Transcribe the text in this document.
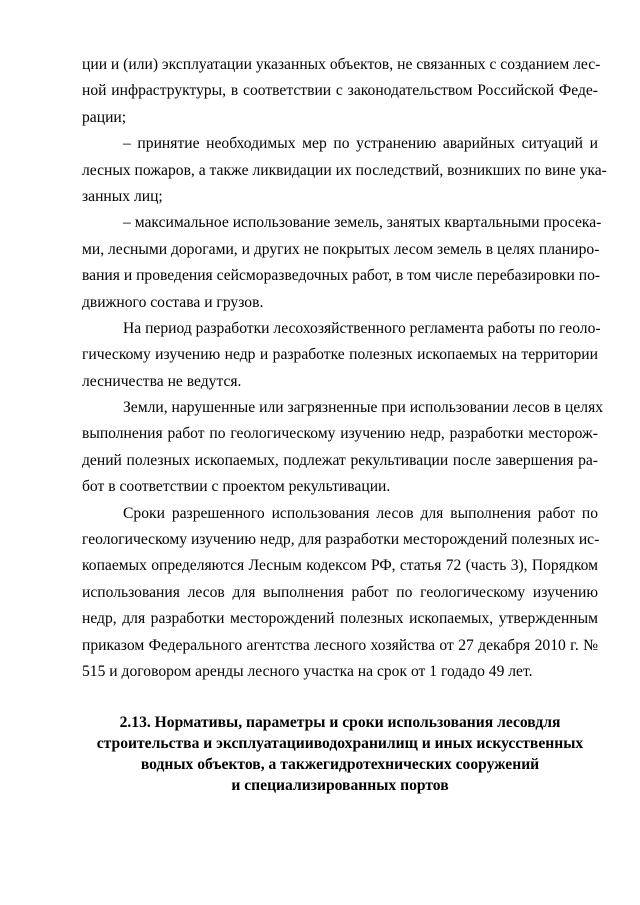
ции и (или) эксплуатации указанных объектов, не связанных с созданием лес-
ной инфраструктуры, в соответствии с законодательством Российской Феде-
рации;
– принятие необходимых мер по устранению аварийных ситуаций и
лесных пожаров, а также ликвидации их последствий, возникших по вине ука-
занных лиц;
– максимальное использование земель, занятых квартальными просека-
ми, лесными дорогами, и других не покрытых лесом земель в целях планиро-
вания и проведения сейсморазведочных работ, в том числе перебазировки по-
движного состава и грузов.
На период разработки лесохозяйственного регламента работы по геоло-
гическому изучению недр и разработке полезных ископаемых на территории
лесничества не ведутся.
Земли, нарушенные или загрязненные при использовании лесов в целях
выполнения работ по геологическому изучению недр, разработки месторож-
дений полезных ископаемых, подлежат рекультивации после завершения ра-
бот в соответствии с проектом рекультивации.
Сроки разрешенного использования лесов для выполнения работ по
геологическому изучению недр, для разработки месторождений полезных ис-
копаемых определяются Лесным кодексом РФ, статья 72 (часть 3), Порядком
использования лесов для выполнения работ по геологическому изучению
недр, для разработки месторождений полезных ископаемых, утвержденным
приказом Федерального агентства лесного хозяйства от 27 декабря 2010 г. №
515 и договором аренды лесного участка на срок от 1 годадо 49 лет.
2.13. Нормативы, параметры и сроки использования лесовдля
строительства и эксплуатацииводохранилищ и иных искусственных
водных объектов, а такжегидротехнических сооружений
и специализированных портов
